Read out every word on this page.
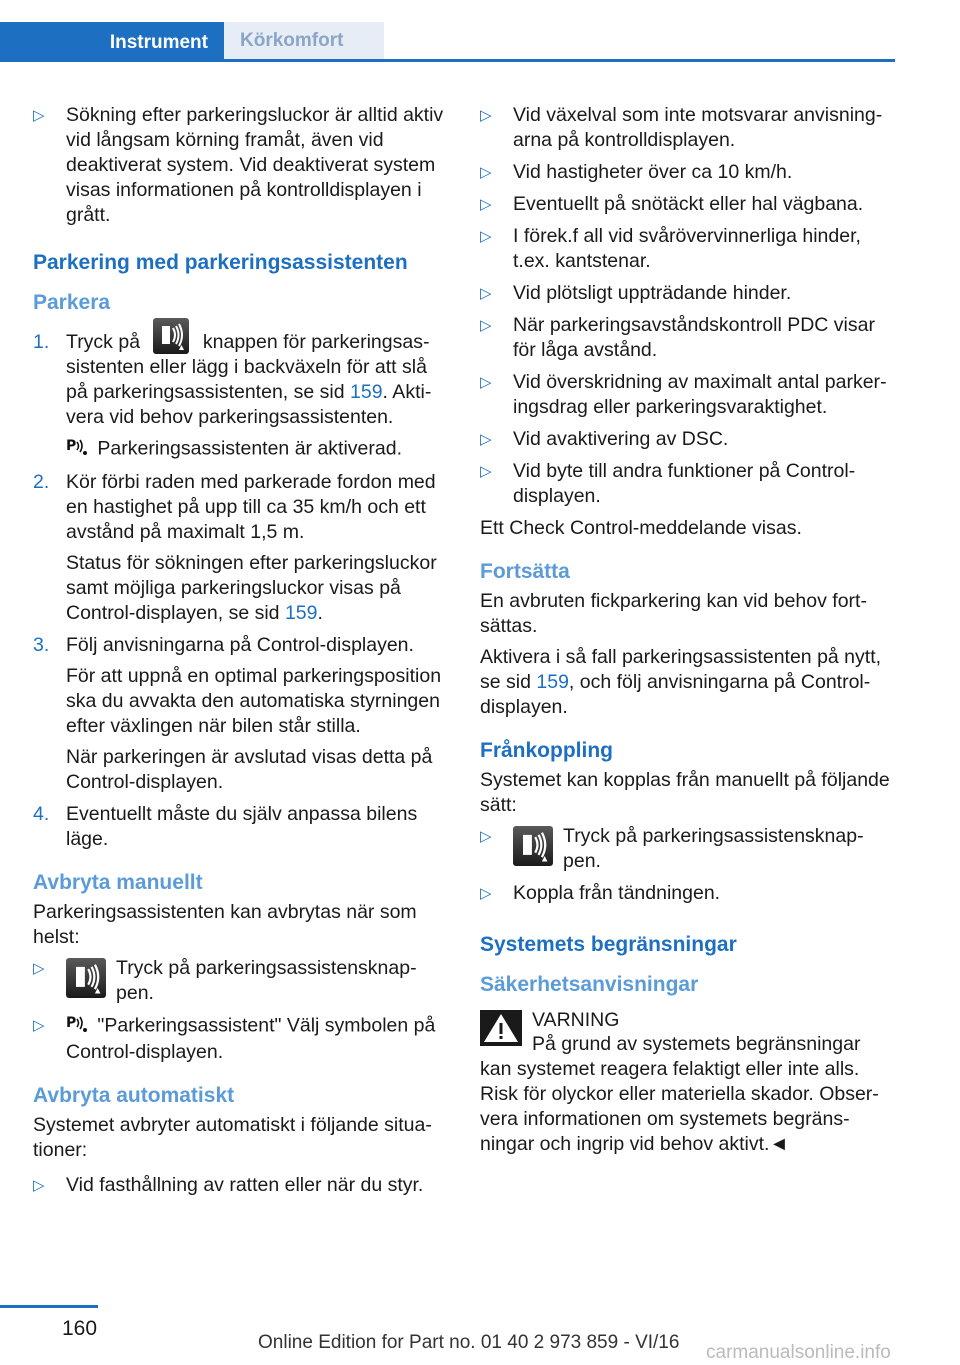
Instrument	Körkomfort
▷ Sökning efter parkeringsluckor är alltid aktiv vid långsam körning framåt, även vid deaktiverat system. Vid deaktiverat system visas informationen på kontrolldisplayen i grått.
Parkering med parkeringsassistenten
Parkera
1. Tryck på	knappen för parkeringsassistenten eller lägg i backväxeln för att slå på parkeringsassistenten, se sid 159. Aktivera vid behov parkeringsassistenten.
P Parkeringsassistenten är aktiverad.
2. Kör förbi raden med parkerade fordon med en hastighet på upp till ca 35 km/h och ett avstånd på maximalt 1,5 m.
Status för sökningen efter parkeringsluckor samt möjliga parkeringsluckor visas på Control-displayen, se sid 159.
3. Följ anvisningarna på Control-displayen.
För att uppnå en optimal parkeringsposition ska du avvakta den automatiska styrningen efter växlingen när bilen står stilla.
När parkeringen är avslutad visas detta på Control-displayen.
4. Eventuellt måste du själv anpassa bilens läge.
Avbryta manuellt

Parkeringsassistenten kan avbrytas när som helst:

▷	Tryck på parkeringsassistensknappen.
▷ P "Parkeringsassistent" Välj symbolen på Control-displayen.
Avbryta automatiskt

Systemet avbryter automatiskt i följande situationer:

▷ Vid fasthållning av ratten eller när du styr.
▷ Vid växelval som inte motsvarar anvisningarna på kontrolldisplayen.
▷ Vid hastigheter över ca 10 km/h.
▷ Eventuellt på snötäckt eller hal vägbana.
▷ I förek.f all vid svårövervinnerliga hinder, t.ex. kantstenar.
▷ Vid plötsligt uppträdande hinder.
▷ När parkeringsavståndskontroll PDC visar för låga avstånd.
▷ Vid överskridning av maximalt antal parkeringsdrag eller parkeringsvaraktighet.
▷ Vid avaktivering av DSC.
▷ Vid byte till andra funktioner på Control-displayen.

Ett Check Control-meddelande visas.

Fortsätta

En avbruten fickparkering kan vid behov fortsättas.

Aktivera i så fall parkeringsassistenten på nytt, se sid 159, och följ anvisningarna på Control-displayen.

Frånkoppling

Systemet kan kopplas från manuellt på följande sätt:

▷	Tryck på parkeringsassistensknappen.
▷ Koppla från tändningen.
Systemets begränsningar
Säkerhetsanvisningar
VARNING
På grund av systemets begränsningar kan systemet reagera felaktigt eller inte alls. Risk för olyckor eller materiella skador. Observera informationen om systemets begränsningar och ingrip vid behov aktivt.◄
160
Online Edition for Part no. 01 40 2 973 859 - VI/16 carmanualsonline.info
